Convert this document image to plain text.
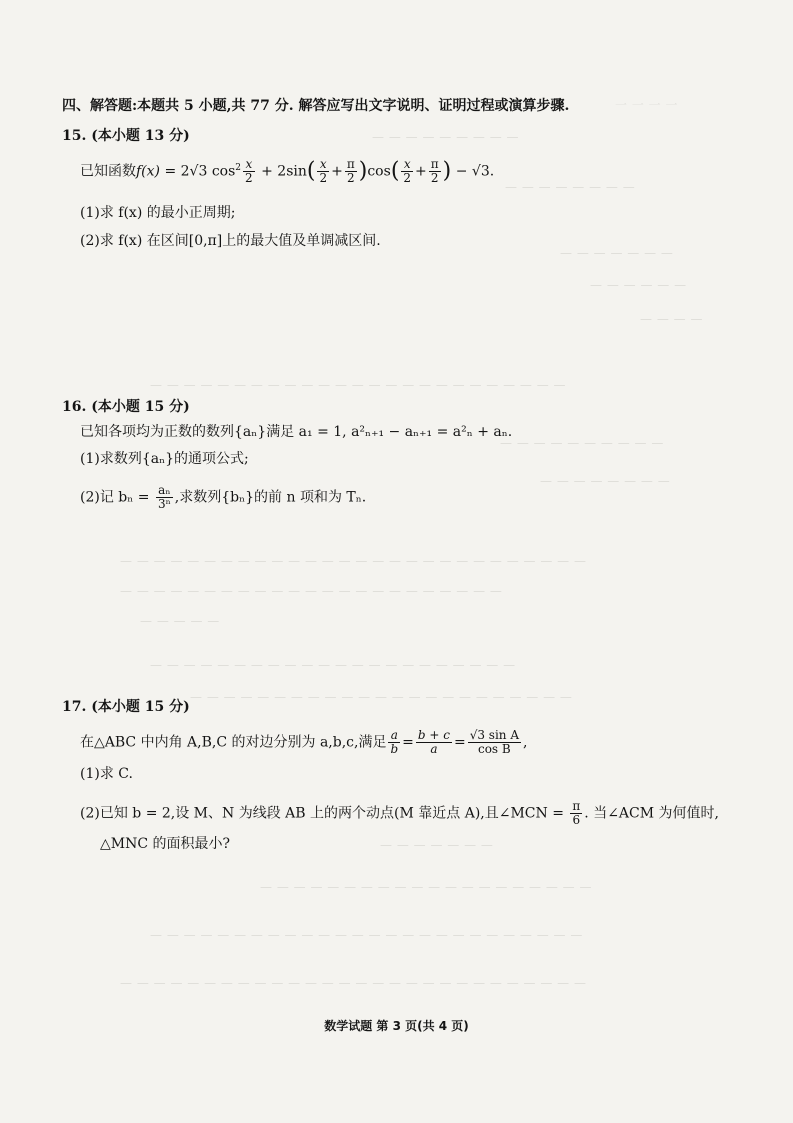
一 一 一 一
— — — — — — — — —
— — — — — — — —
— — — — — — —
— — — — — —
— — — —
— — — — — — — — — — — — — — — — — — — — — — — — —
— — — — — — — — — —
— — — — — — — —
— — — — — — — — — — — — — — — — — — — — — — — — — — — —
— — — — — — — — — — — — — — — — — — — — — — —
— — — — —
— — — — — — — — — — — — — — — — — — — — — —
— — — — — — — — — — — — — — — — — — — — — — —
— — — — — — —
— — — — — — — — — — — — — — — — — — — —
— — — — — — — — — — — — — — — — — — — — — — — — — —
— — — — — — — — — — — — — — — — — — — — — — — — — — — —
四、解答题:本题共 5 小题,共 77 分. 解答应写出文字说明、证明过程或演算步骤.
15. (本小题 13 分)
已知函数f(x) = 2√3 $\cos^2 \frac{x}{2} + 2\sin( \frac{x}{2} + \frac{\pi}{2} )\cos( \frac{x}{2} + \frac{\pi}{2}$ ) − √3.
(1)求 f(x) 的最小正周期;
(2)求 f(x) 在区间[0,π]上的最大值及单调减区间.
16. (本小题 15 分)
已知各项均为正数的数列{aₙ}满足 a₁ = 1, a²ₙ₊₁ − aₙ₊₁ = a²ₙ + aₙ.
(1)求数列{aₙ}的通项公式;
(2)记 $b_n = \frac{\text{aₙ}}{\text{3ⁿ}}$ ,求数列{bₙ}的前 n 项和为 Tₙ.
17. (本小题 15 分)
在△ABC 中内角 A,B,C 的对边分别为 a,b,c,满足 $\frac{a}{b} = \frac{b + c}{a} = \frac{\text{√3 sin A}}{\text{cos B}}$ ,
(1)求 C.
(2)已知 b = 2,设 M、N 为线段 AB 上的两个动点(M 靠近点 A),且∠MCN = $\frac{\pi}{6}$ . 当∠ACM 为何值时,
△MNC 的面积最小?
数学试题 第 3 页(共 4 页)
